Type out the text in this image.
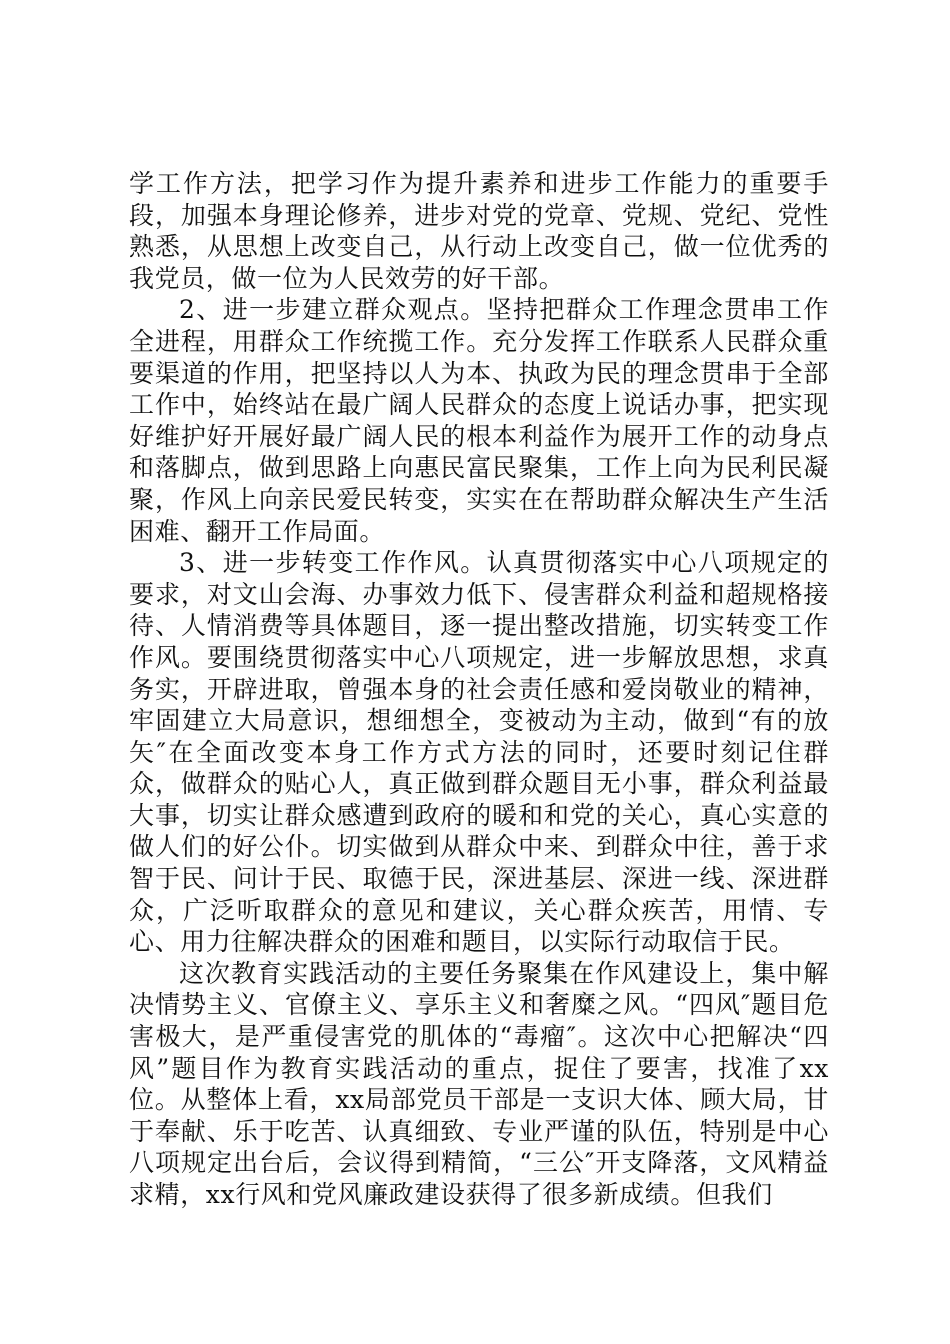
学工作方法，把学习作为提升素养和进步工作能力的重要手段，加强本身理论修养，进步对党的党章、党规、党纪、党性熟悉，从思想上改变自己，从行动上改变自己，做一位优秀的我党员，做一位为人民效劳的好干部。

2、进一步建立群众观点。坚持把群众工作理念贯串工作全进程，用群众工作统揽工作。充分发挥工作联系人民群众重要渠道的作用，把坚持以人为本、执政为民的理念贯串于全部工作中，始终站在最广阔人民群众的态度上说话办事，把实现好维护好开展好最广阔人民的根本利益作为展开工作的动身点和落脚点，做到思路上向惠民富民聚集，工作上向为民利民凝聚，作风上向亲民爱民转变，实实在在帮助群众解决生产生活困难、翻开工作局面。

3、进一步转变工作作风。认真贯彻落实中心八项规定的要求，对文山会海、办事效力低下、侵害群众利益和超规格接待、人情消费等具体题目，逐一提出整改措施，切实转变工作作风。要围绕贯彻落实中心八项规定，进一步解放思想，求真务实，开辟进取，曾强本身的社会责任感和爱岗敬业的精神，牢固建立大局意识，想细想全，变被动为主动，做到“有的放矢″在全面改变本身工作方式方法的同时，还要时刻记住群众，做群众的贴心人，真正做到群众题目无小事，群众利益最大事，切实让群众感遭到政府的暖和和党的关心，真心实意的做人们的好公仆。切实做到从群众中来、到群众中往，善于求智于民、问计于民、取德于民，深进基层、深进一线、深进群众，广泛听取群众的意见和建议，关心群众疾苦，用情、专心、用力往解决群众的困难和题目，以实际行动取信于民。

这次教育实践活动的主要任务聚集在作风建设上，集中解决情势主义、官僚主义、享乐主义和奢糜之风。“四风″题目危害极大，是严重侵害党的肌体的“毒瘤″。这次中心把解决“四风”题目作为教育实践活动的重点，捉住了要害，找准了xx位。从整体上看，xx局部党员干部是一支识大体、顾大局，甘于奉献、乐于吃苦、认真细致、专业严谨的队伍，特别是中心八项规定出台后，会议得到精简，“三公″开支降落，文风精益求精，xx行风和党风廉政建设获得了很多新成绩。但我们
